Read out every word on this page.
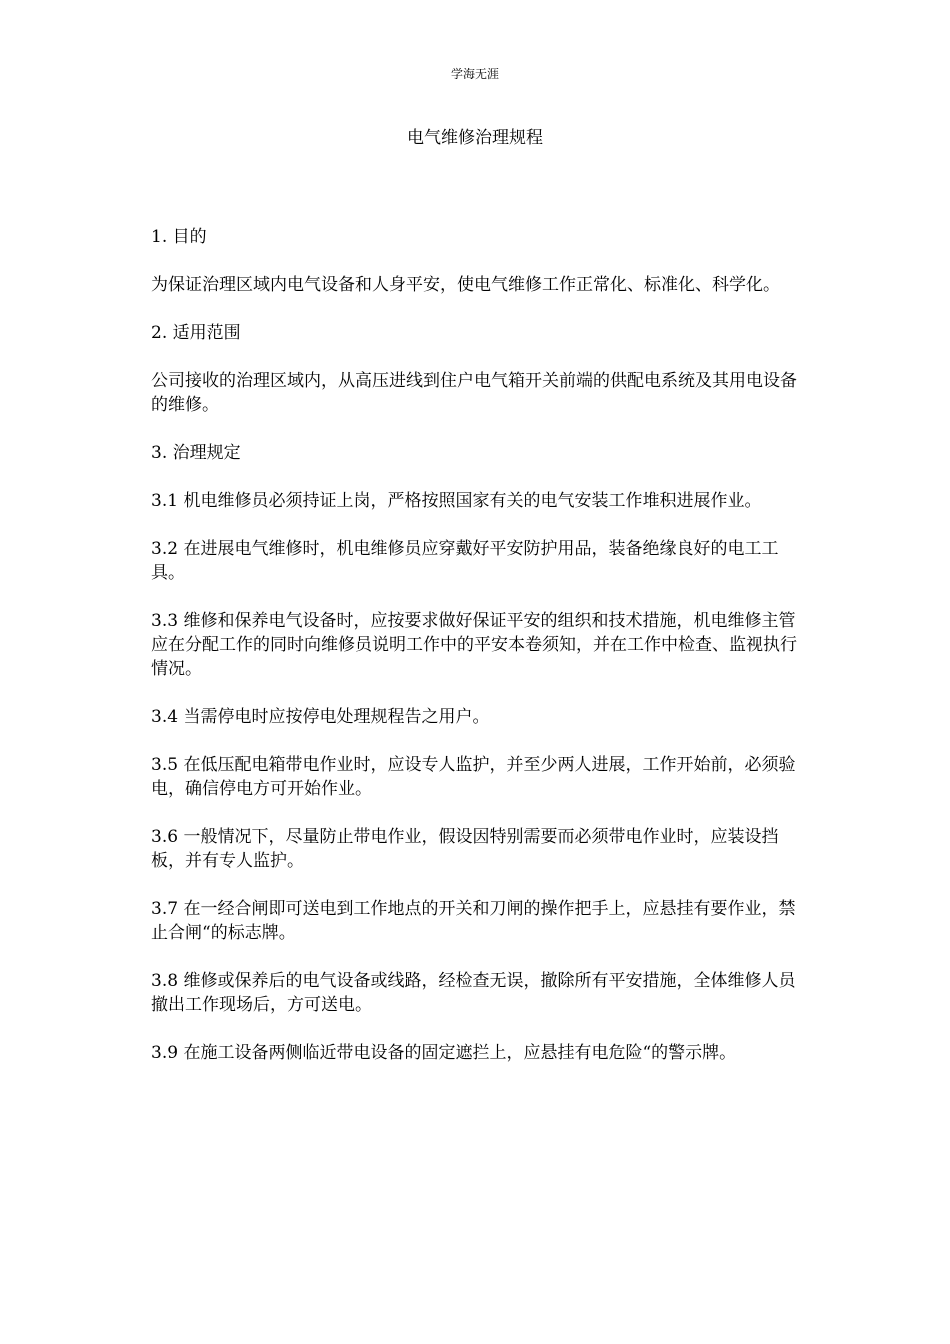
学海无涯
电气维修治理规程

1. 目的

为保证治理区域内电气设备和人身平安，使电气维修工作正常化、标准化、科学化。

2. 适用范围

公司接收的治理区域内，从高压进线到住户电气箱开关前端的供配电系统及其用电设备的维修。

3. 治理规定

3.1 机电维修员必须持证上岗，严格按照国家有关的电气安装工作堆积进展作业。

3.2 在进展电气维修时，机电维修员应穿戴好平安防护用品，装备绝缘良好的电工工具。

3.3 维修和保养电气设备时，应按要求做好保证平安的组织和技术措施，机电维修主管应在分配工作的同时向维修员说明工作中的平安本卷须知，并在工作中检查、监视执行情况。

3.4 当需停电时应按停电处理规程告之用户。

3.5 在低压配电箱带电作业时，应设专人监护，并至少两人进展，工作开始前，必须验电，确信停电方可开始作业。

3.6 一般情况下，尽量防止带电作业，假设因特别需要而必须带电作业时，应装设挡板，并有专人监护。

3.7 在一经合闸即可送电到工作地点的开关和刀闸的操作把手上，应悬挂有要作业，禁止合闸“的标志牌。

3.8 维修或保养后的电气设备或线路，经检查无误，撤除所有平安措施，全体维修人员撤出工作现场后，方可送电。

3.9 在施工设备两侧临近带电设备的固定遮拦上，应悬挂有电危险“的警示牌。
